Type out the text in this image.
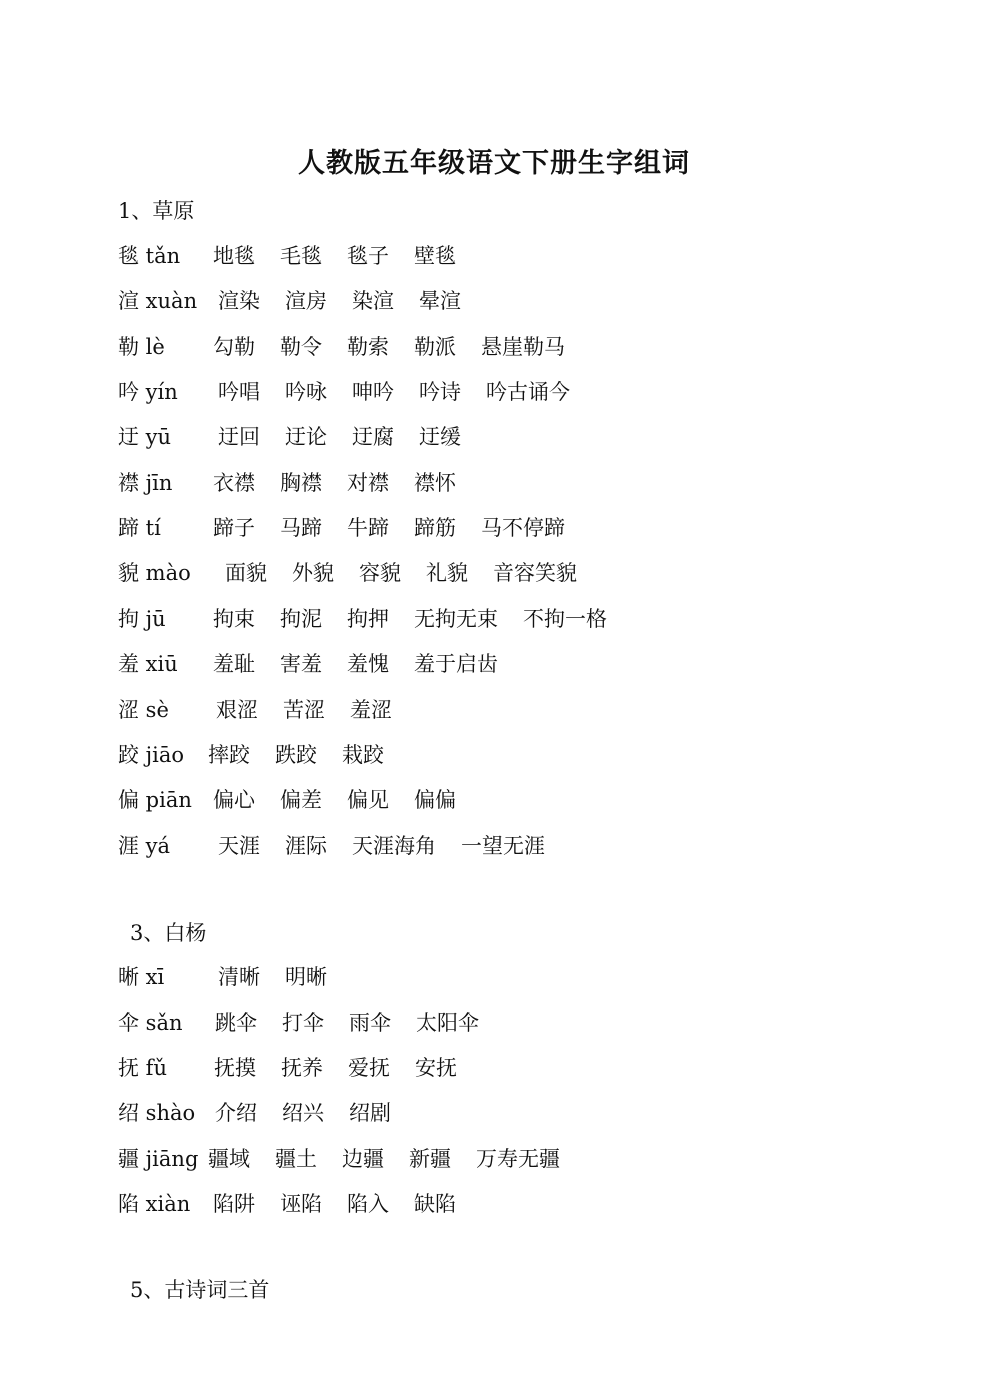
人教版五年级语文下册生字组词
1、草原
毯 tǎn 地毯 毛毯 毯子 壁毯
渲 xuàn 渲染 渲房 染渲 晕渲
勒 lè 勾勒 勒令 勒索 勒派 悬崖勒马
吟 yín 吟唱 吟咏 呻吟 吟诗 吟古诵今
迂 yū 迂回 迂论 迂腐 迂缓
襟 jīn 衣襟 胸襟 对襟 襟怀
蹄 tí 蹄子 马蹄 牛蹄 蹄筋 马不停蹄
貌 mào 面貌 外貌 容貌 礼貌 音容笑貌
拘 jū 拘束 拘泥 拘押 无拘无束 不拘一格
羞 xiū 羞耻 害羞 羞愧 羞于启齿
涩 sè 艰涩 苦涩 羞涩
跤 jiāo 摔跤 跌跤 栽跤
偏 piān 偏心 偏差 偏见 偏偏
涯 yá 天涯 涯际 天涯海角 一望无涯
3、白杨
晰 xī	清晰 明晰
伞 sǎn 跳伞 打伞 雨伞 太阳伞
抚 fǔ 抚摸 抚养 爱抚 安抚
绍 shào 介绍 绍兴 绍剧
疆 jiāng 疆域 疆土 边疆 新疆 万寿无疆
陷 xiàn 陷阱 诬陷 陷入 缺陷
5、古诗词三首
